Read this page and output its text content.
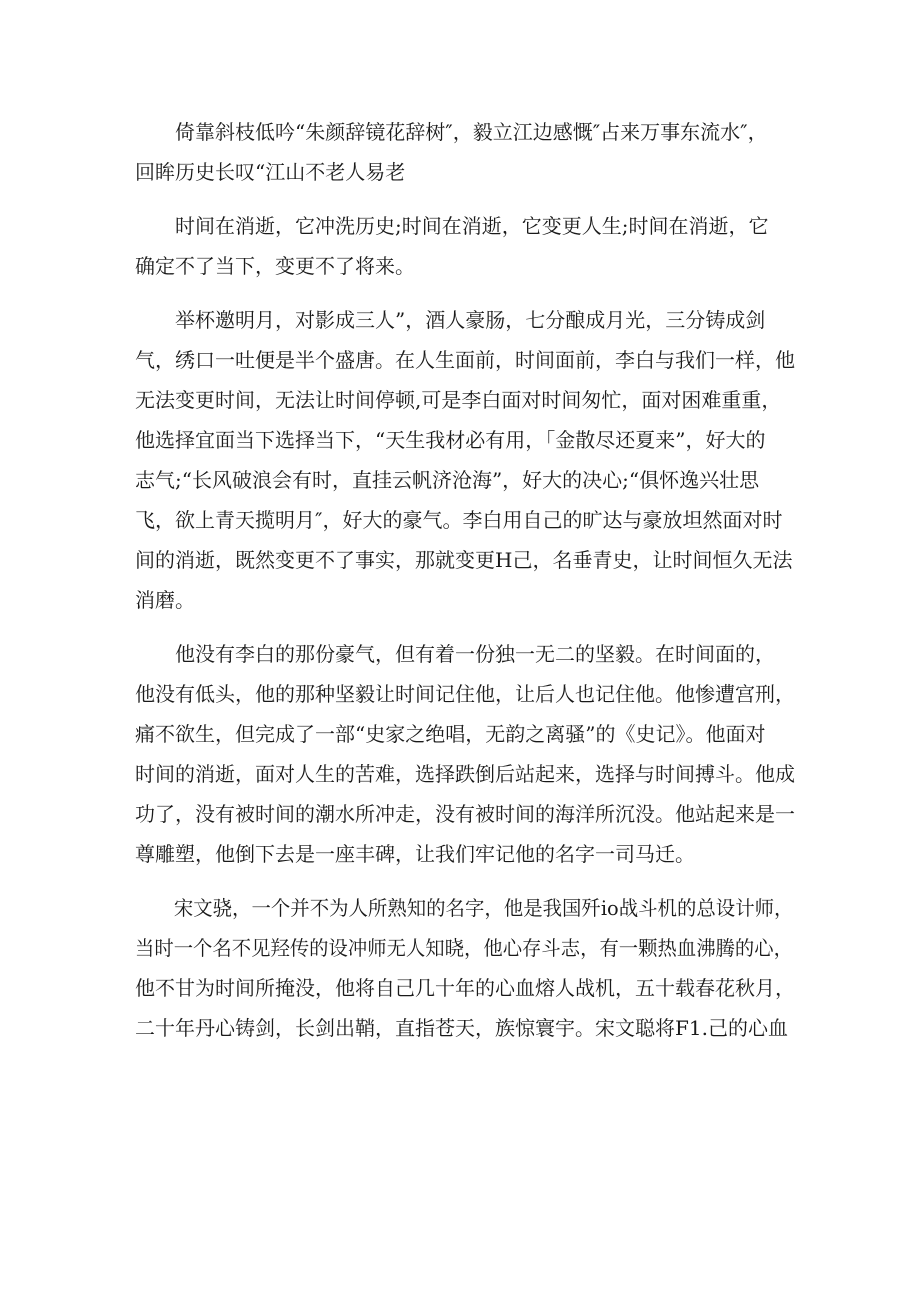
倚靠斜枝低吟“朱颜辞镜花辞树″，毅立江边感慨″占来万事东流水″，
回眸历史长叹“江山不老人易老
时间在消逝，它冲洗历史;时间在消逝，它变更人生;时间在消逝，它
确定不了当下，变更不了将来。
举杯邀明月，对影成三人”，酒人豪肠，七分酿成月光，三分铸成剑
气，绣口一吐便是半个盛唐。在人生面前，时间面前，李白与我们一样，他
无法变更时间，无法让时间停顿,可是李白面对时间匆忙，面对困难重重，
他选择宜面当下选择当下，“天生我材必有用，「金散尽还夏来”，好大的
志气;“长风破浪会有时，直挂云帆济沧海”，好大的决心;“俱怀逸兴壮思
飞，欲上青天揽明月″，好大的豪气。李白用自己的旷达与豪放坦然面对时
间的消逝，既然变更不了事实，那就变更H己，名垂青史，让时间恒久无法
消磨。
他没有李白的那份豪气，但有着一份独一无二的坚毅。在时间面的，
他没有低头，他的那种坚毅让时间记住他，让后人也记住他。他惨遭宫刑，
痛不欲生，但完成了一部“史家之绝唱，无韵之离骚”的《史记》。他面对
时间的消逝，面对人生的苦难，选择跌倒后站起来，选择与时间搏斗。他成
功了，没有被时间的潮水所冲走，没有被时间的海洋所沉没。他站起来是一
尊雕塑，他倒下去是一座丰碑，让我们牢记他的名字一司马迁。
宋文骁，一个并不为人所熟知的名字，他是我国歼io战斗机的总设计师，
当时一个名不见羟传的设冲师无人知晓，他心存斗志，有一颗热血沸腾的心，
他不甘为时间所掩没，他将自己几十年的心血熔人战机，五十载春花秋月，
二十年丹心铸剑，长剑出鞘，直指苍天，族惊寰宇。宋文聪将F1.己的心血
